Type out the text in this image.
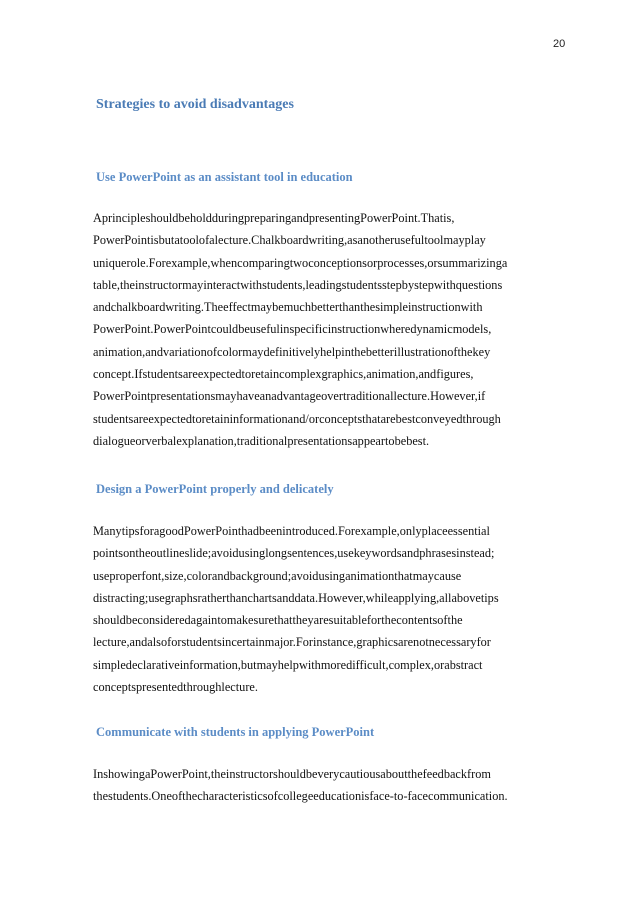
20
Strategies to avoid disadvantages
Use PowerPoint as an assistant tool in education
AprincipleshouldbeholdduringpreparingandpresentingPowerPoint.Thatis,
PowerPointisbutatoolofalecture.Chalkboardwriting,asanotherusefultoolmayplay
uniquerole.Forexample,whencomparingtwoconceptionsorprocesses,orsummarizinga
table,theinstructormayinteractwithstudents,leadingstudentsstepbystepwithquestions
andchalkboardwriting.Theeffectmaybemuchbetterthanthesimpleinstructionwith
PowerPoint.PowerPointcouldbeusefulinspecificinstructionwheredynamicmodels,
animation,andvariationofcolormaydefinitivelyhelpinthebetterillustrationofthekey
concept.Ifstudentsareexpectedtoretaincomplexgraphics,animation,andfigures,
PowerPointpresentationsmayhaveanadvantageovertraditionallecture.However,if
studentsareexpectedtoretaininformationand/orconceptsthatarebestconveyedthrough
dialogueorverbalexplanation,traditionalpresentationsappeartobebest.
Design a PowerPoint properly and delicately
ManytipsforagoodPowerPointhadbeenintroduced.Forexample,onlyplaceessential
pointsontheoutlineslide;avoidusinglongsentences,usekeywordsandphrasesinstead;
useproperfont,size,colorandbackground;avoidusinganimationthatmaycause
distracting;usegraphsratherthanchartsanddata.However,whileapplying,allabovetips
shouldbeconsideredagaintomakesurethattheyaresuitableforthecontentsofthe
lecture,andalsoforstudentsincertainmajor.Forinstance,graphicsarenotnecessaryfor
simpledeclarativeinformation,butmayhelpwithmoredifficult,complex,orabstract
conceptspresentedthroughlecture.
Communicate with students in applying PowerPoint
InshowingaPowerPoint,theinstructorshouldbeverycautiousaboutthefeedbackfrom
thestudents.Oneofthecharacteristicsofcollegeeducationisface-to-facecommunication.
